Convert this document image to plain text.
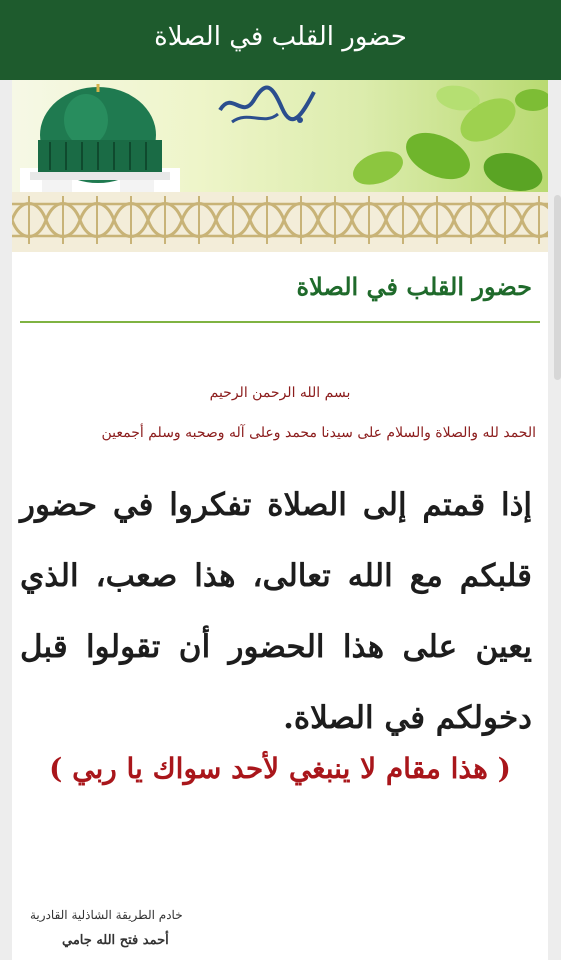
حضور القلب في الصلاة
حضور القلب في الصلاة
بسم الله الرحمن الرحيم
الحمد لله والصلاة والسلام على سيدنا محمد وعلى آله وصحبه وسلم أجمعين
إذا قمتم إلى الصلاة تفكروا في حضور قلبكم مع الله تعالى، هذا صعب، الذي يعين على هذا الحضور أن تقولوا قبل دخولكم في الصلاة.
( هذا مقام لا ينبغي لأحد سواك يا ربي )
خادم الطريقة الشاذلية القادرية
أحمد فتح الله جامي
